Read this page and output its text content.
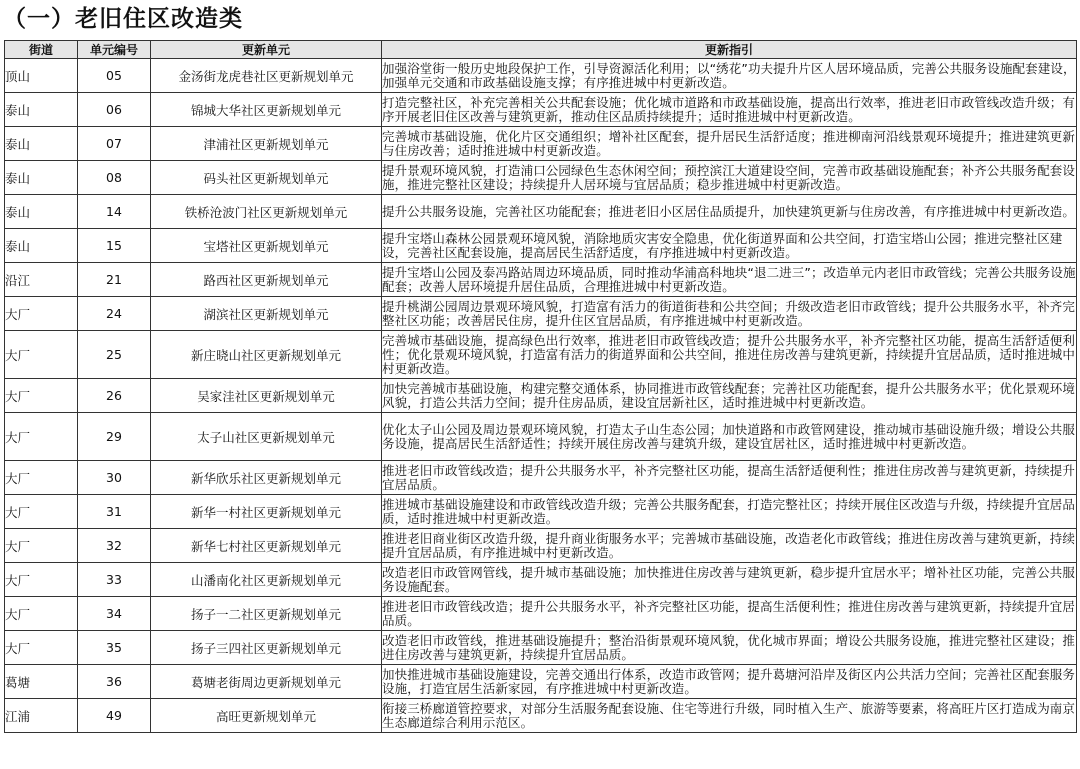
（一）老旧住区改造类
街道	单元编号	更新单元	更新指引
顶山	05	金汤街龙虎巷社区更新规划单元	加强浴堂街一般历史地段保护工作，引导资源活化利用；以“绣花”功夫提升片区人居环境品质，完善公共服务设施配套建设，加强单元交通和市政基础设施支撑；有序推进城中村更新改造。
泰山	06	锦城大华社区更新规划单元	打造完整社区，补充完善相关公共配套设施；优化城市道路和市政基础设施，提高出行效率，推进老旧市政管线改造升级；有序开展老旧住区改善与建筑更新，推动住区品质持续提升；适时推进城中村更新改造。
泰山	07	津浦社区更新规划单元	完善城市基础设施，优化片区交通组织；增补社区配套，提升居民生活舒适度；推进柳南河沿线景观环境提升；推进建筑更新与住房改善；适时推进城中村更新改造。
泰山	08	码头社区更新规划单元	提升景观环境风貌，打造浦口公园绿色生态休闲空间；预控滨江大道建设空间，完善市政基础设施配套；补齐公共服务配套设施，推进完整社区建设；持续提升人居环境与宜居品质；稳步推进城中村更新改造。
泰山	14	铁桥沧波门社区更新规划单元	提升公共服务设施，完善社区功能配套；推进老旧小区居住品质提升，加快建筑更新与住房改善，有序推进城中村更新改造。
泰山	15	宝塔社区更新规划单元	提升宝塔山森林公园景观环境风貌，消除地质灾害安全隐患，优化街道界面和公共空间，打造宝塔山公园；推进完整社区建设，完善社区配套设施，提高居民生活舒适度，有序推进城中村更新改造。
沿江	21	路西社区更新规划单元	提升宝塔山公园及泰冯路站周边环境品质，同时推动华浦高科地块“退二进三”；改造单元内老旧市政管线；完善公共服务设施配套；改善人居环境提升居住品质，合理推进城中村更新改造。
大厂	24	湖滨社区更新规划单元	提升桃湖公园周边景观环境风貌，打造富有活力的街道街巷和公共空间；升级改造老旧市政管线；提升公共服务水平，补齐完整社区功能；改善居民住房，提升住区宜居品质，有序推进城中村更新改造。
大厂	25	新庄晓山社区更新规划单元	完善城市基础设施，提高绿色出行效率，推进老旧市政管线改造；提升公共服务水平，补齐完整社区功能，提高生活舒适便利性；优化景观环境风貌，打造富有活力的街道界面和公共空间，推进住房改善与建筑更新，持续提升宜居品质，适时推进城中村更新改造。
大厂	26	吴家洼社区更新规划单元	加快完善城市基础设施，构建完整交通体系，协同推进市政管线配套；完善社区功能配套，提升公共服务水平；优化景观环境风貌，打造公共活力空间；提升住房品质，建设宜居新社区，适时推进城中村更新改造。
大厂	29	太子山社区更新规划单元	优化太子山公园及周边景观环境风貌，打造太子山生态公园；加快道路和市政管网建设，推动城市基础设施升级；增设公共服务设施，提高居民生活舒适性；持续开展住房改善与建筑升级，建设宜居社区，适时推进城中村更新改造。
大厂	30	新华欣乐社区更新规划单元	推进老旧市政管线改造；提升公共服务水平，补齐完整社区功能，提高生活舒适便利性；推进住房改善与建筑更新，持续提升宜居品质。
大厂	31	新华一村社区更新规划单元	推进城市基础设施建设和市政管线改造升级；完善公共服务配套，打造完整社区；持续开展住区改造与升级，持续提升宜居品质，适时推进城中村更新改造。
大厂	32	新华七村社区更新规划单元	推进老旧商业街区改造升级，提升商业街服务水平；完善城市基础设施，改造老化市政管线；推进住房改善与建筑更新，持续提升宜居品质，有序推进城中村更新改造。
大厂	33	山潘南化社区更新规划单元	改造老旧市政管网管线，提升城市基础设施；加快推进住房改善与建筑更新，稳步提升宜居水平；增补社区功能，完善公共服务设施配套。
大厂	34	扬子一二社区更新规划单元	推进老旧市政管线改造；提升公共服务水平，补齐完整社区功能，提高生活便利性；推进住房改善与建筑更新，持续提升宜居品质。
大厂	35	扬子三四社区更新规划单元	改造老旧市政管线，推进基础设施提升；整治沿街景观环境风貌，优化城市界面；增设公共服务设施，推进完整社区建设；推进住房改善与建筑更新，持续提升宜居品质。
葛塘	36	葛塘老街周边更新规划单元	加快推进城市基础设施建设，完善交通出行体系，改造市政管网；提升葛塘河沿岸及街区内公共活力空间；完善社区配套服务设施，打造宜居生活新家园，有序推进城中村更新改造。
江浦	49	高旺更新规划单元	衔接三桥廊道管控要求，对部分生活服务配套设施、住宅等进行升级，同时植入生产、旅游等要素，将高旺片区打造成为南京生态廊道综合利用示范区。
